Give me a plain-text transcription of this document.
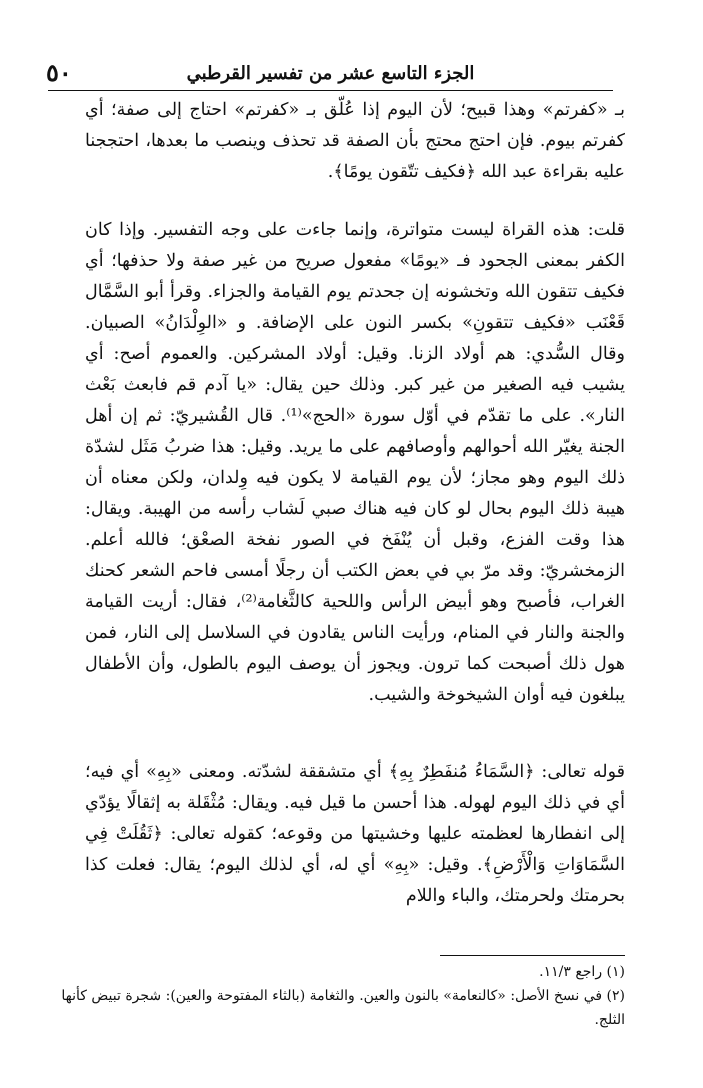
الجزء التاسع عشر من تفسير القرطبي
٥٠

بـ «كفرتم» وهذا قبيح؛ لأن اليوم إذا عُلّق بـ «كفرتم» احتاج إلى صفة؛ أي كفرتم بيوم. فإن احتج محتج بأن الصفة قد تحذف وينصب ما بعدها، احتججنا عليه بقراءة عبد الله ﴿فكيف تتّقون يومًا﴾.

قلت: هذه القراة ليست متواترة، وإنما جاءت على وجه التفسير. وإذا كان الكفر بمعنى الجحود فـ «يومًا» مفعول صريح من غير صفة ولا حذفها؛ أي فكيف تتقون الله وتخشونه إن جحدتم يوم القيامة والجزاء. وقرأ أبو السَّمَّال قَعْنَب «فكيف تتقونِ» بكسر النون على الإضافة. و «الوِلْدَانُ» الصبيان. وقال السُّدي: هم أولاد الزنا. وقيل: أولاد المشركين. والعموم أصح: أي يشيب فيه الصغير من غير كبر. وذلك حين يقال: «يا آدم قم فابعث بَعْث النار». على ما تقدّم في أوّل سورة «الحج»⁽¹⁾. قال القُشيريّ: ثم إن أهل الجنة يغيّر الله أحوالهم وأوصافهم على ما يريد. وقيل: هذا ضربُ مَثَل لشدّة ذلك اليوم وهو مجاز؛ لأن يوم القيامة لا يكون فيه وِلدان، ولكن معناه أن هيبة ذلك اليوم بحال لو كان فيه هناك صبي لَشاب رأسه من الهيبة. ويقال: هذا وقت الفزع، وقبل أن يُنْفَخ في الصور نفخة الصعْق؛ فالله أعلم. الزمخشريّ: وقد مرّ بي في بعض الكتب أن رجلًا أمسى فاحم الشعر كحنك الغراب، فأصبح وهو أبيض الرأس واللحية كالثَّغامة⁽²⁾، فقال: أريت القيامة والجنة والنار في المنام، ورأيت الناس يقادون في السلاسل إلى النار، فمن هول ذلك أصبحت كما ترون. ويجوز أن يوصف اليوم بالطول، وأن الأطفال يبلغون فيه أوان الشيخوخة والشيب.

قوله تعالى: ﴿السَّمَاءُ مُنفَطِرٌ بِهِ﴾ أي متشققة لشدّته. ومعنى «بِهِ» أي فيه؛ أي في ذلك اليوم لهوله. هذا أحسن ما قيل فيه. ويقال: مُثْقَلة به إثقالًا يؤدّي إلى انفطارها لعظمته عليها وخشيتها من وقوعه؛ كقوله تعالى: ﴿ثَقُلَتْ فِي السَّمَاوَاتِ وَالْأَرْضِ﴾. وقيل: «بِهِ» أي له، أي لذلك اليوم؛ يقال: فعلت كذا بحرمتك ولحرمتك، والباء واللام

(١) راجع ١١/٣.

(٢) في نسخ الأصل: «كالنعامة» بالنون والعين. والثغامة (بالثاء المفتوحة والعين): شجرة تبيض كأنها الثلج.
